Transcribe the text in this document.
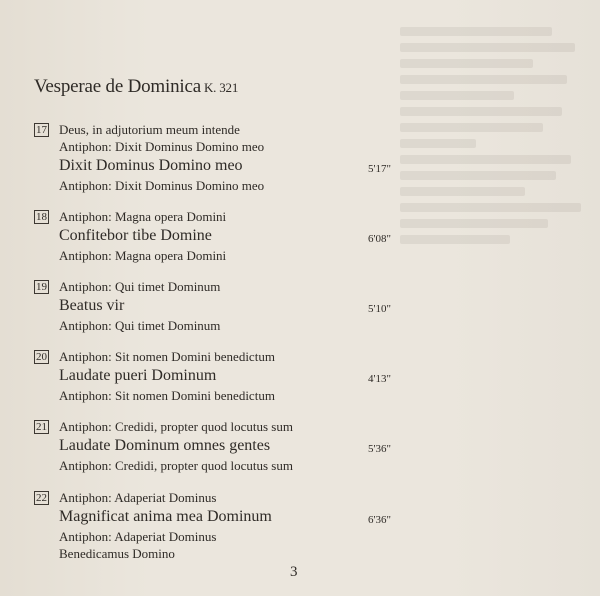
Vesperae de Dominica K. 321
17 Deus, in adjutorium meum intende
Antiphon: Dixit Dominus Domino meo
Dixit Dominus Domino meo
Antiphon: Dixit Dominus Domino meo
5'17"
18 Antiphon: Magna opera Domini
Confitebor tibe Domine
Antiphon: Magna opera Domini
6'08"
19 Antiphon: Qui timet Dominum
Beatus vir
Antiphon: Qui timet Dominum
5'10"
20 Antiphon: Sit nomen Domini benedictum
Laudate pueri Dominum
Antiphon: Sit nomen Domini benedictum
4'13"
21 Antiphon: Credidi, propter quod locutus sum
Laudate Dominum omnes gentes
Antiphon: Credidi, propter quod locutus sum
5'36"
22 Antiphon: Adaperiat Dominus
Magnificat anima mea Dominum
Antiphon: Adaperiat Dominus
Benedicamus Domino
6'36"
3
